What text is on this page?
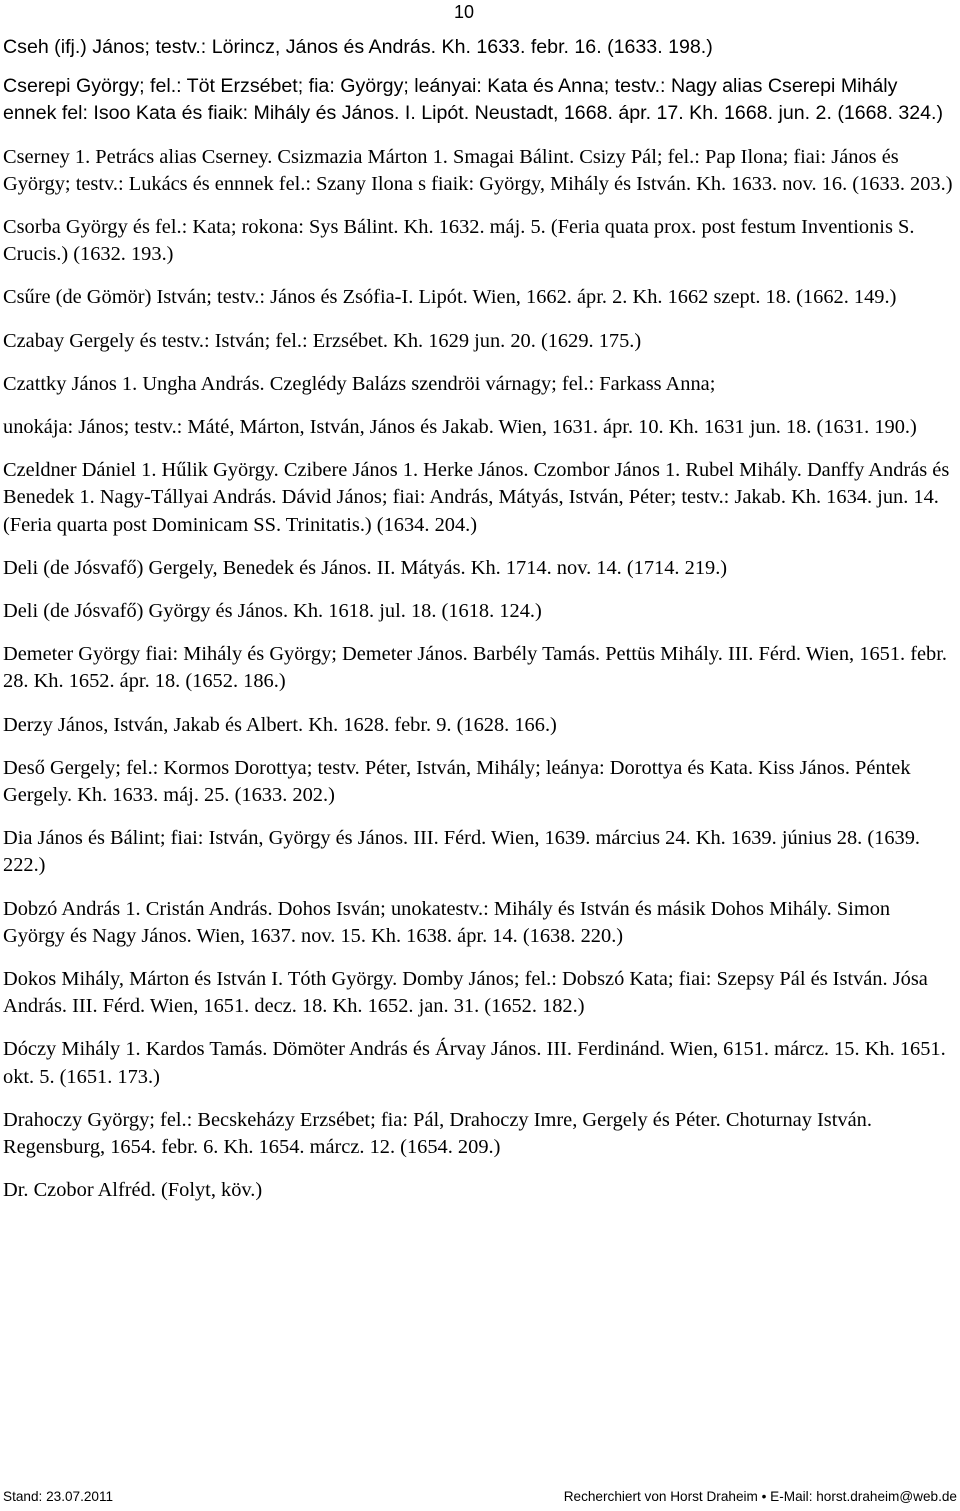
10

Cseh (ifj.) János; testv.: Lörincz, János és András. Kh. 1633. febr. 16. (1633. 198.)

Cserepi György; fel.: Töt Erzsébet; fia: György; leányai: Kata és Anna; testv.: Nagy alias Cserepi Mihály ennek fel: Isoo Kata és fiaik: Mihály és János. I. Lipót. Neustadt, 1668. ápr. 17. Kh. 1668. jun. 2. (1668. 324.)

Cserney 1. Petrács alias Cserney. Csizmazia Márton 1. Smagai Bálint. Csizy Pál; fel.: Pap Ilona; fiai: János és György; testv.: Lukács és ennnek fel.: Szany Ilona s fiaik: György, Mihály és István. Kh. 1633. nov. 16. (1633. 203.)

Csorba György és fel.: Kata; rokona: Sys Bálint. Kh. 1632. máj. 5. (Feria quata prox. post festum Inventionis S. Crucis.) (1632. 193.)

Csűre (de Gömör) István; testv.: János és Zsófia-I. Lipót. Wien, 1662. ápr. 2. Kh. 1662 szept. 18. (1662. 149.)

Czabay Gergely és testv.: István; fel.: Erzsébet. Kh. 1629 jun. 20. (1629. 175.)

Czattky János 1. Ungha András. Czeglédy Balázs szendröi várnagy; fel.: Farkass Anna;

unokája: János; testv.: Máté, Márton, István, János és Jakab. Wien, 1631. ápr. 10. Kh. 1631 jun. 18. (1631. 190.)

Czeldner Dániel 1. Hűlik György. Czibere János 1. Herke János. Czombor János 1. Rubel Mihály. Danffy András és Benedek 1. Nagy-Tállyai András. Dávid János; fiai: András, Mátyás, István, Péter; testv.: Jakab. Kh. 1634. jun. 14. (Feria quarta post Dominicam SS. Trinitatis.) (1634. 204.)

Deli (de Jósvafő) Gergely, Benedek és János. II. Mátyás. Kh. 1714. nov. 14. (1714. 219.)

Deli (de Jósvafő) György és János. Kh. 1618. jul. 18. (1618. 124.)

Demeter György fiai: Mihály és György; Demeter János. Barbély Tamás. Pettüs Mihály. III. Férd. Wien, 1651. febr. 28. Kh. 1652. ápr. 18. (1652. 186.)

Derzy János, István, Jakab és Albert. Kh. 1628. febr. 9. (1628. 166.)

Deső Gergely; fel.: Kormos Dorottya; testv. Péter, István, Mihály; leánya: Dorottya és Kata. Kiss János. Péntek Gergely. Kh. 1633. máj. 25. (1633. 202.)

Dia János és Bálint; fiai: István, György és János. III. Férd. Wien, 1639. március 24. Kh. 1639. június 28. (1639. 222.)

Dobzó András 1. Cristán András. Dohos Isván; unokatestv.: Mihály és István és másik Dohos Mihály. Simon György és Nagy János. Wien, 1637. nov. 15. Kh. 1638. ápr. 14. (1638. 220.)

Dokos Mihály, Márton és István I. Tóth György. Domby János; fel.: Dobszó Kata; fiai: Szepsy Pál és István. Jósa András. III. Férd. Wien, 1651. decz. 18. Kh. 1652. jan. 31. (1652. 182.)

Dóczy Mihály 1. Kardos Tamás. Dömöter András és Árvay János. III. Ferdinánd. Wien, 6151. márcz. 15. Kh. 1651. okt. 5. (1651. 173.)

Drahoczy György; fel.: Becskeházy Erzsébet; fia: Pál, Drahoczy Imre, Gergely és Péter. Choturnay István. Regensburg, 1654. febr. 6. Kh. 1654. márcz. 12. (1654. 209.)

Dr. Czobor Alfréd. (Folyt, köv.)

Stand: 23.07.2011	Recherchiert von Horst Draheim • E-Mail: horst.draheim@web.de
